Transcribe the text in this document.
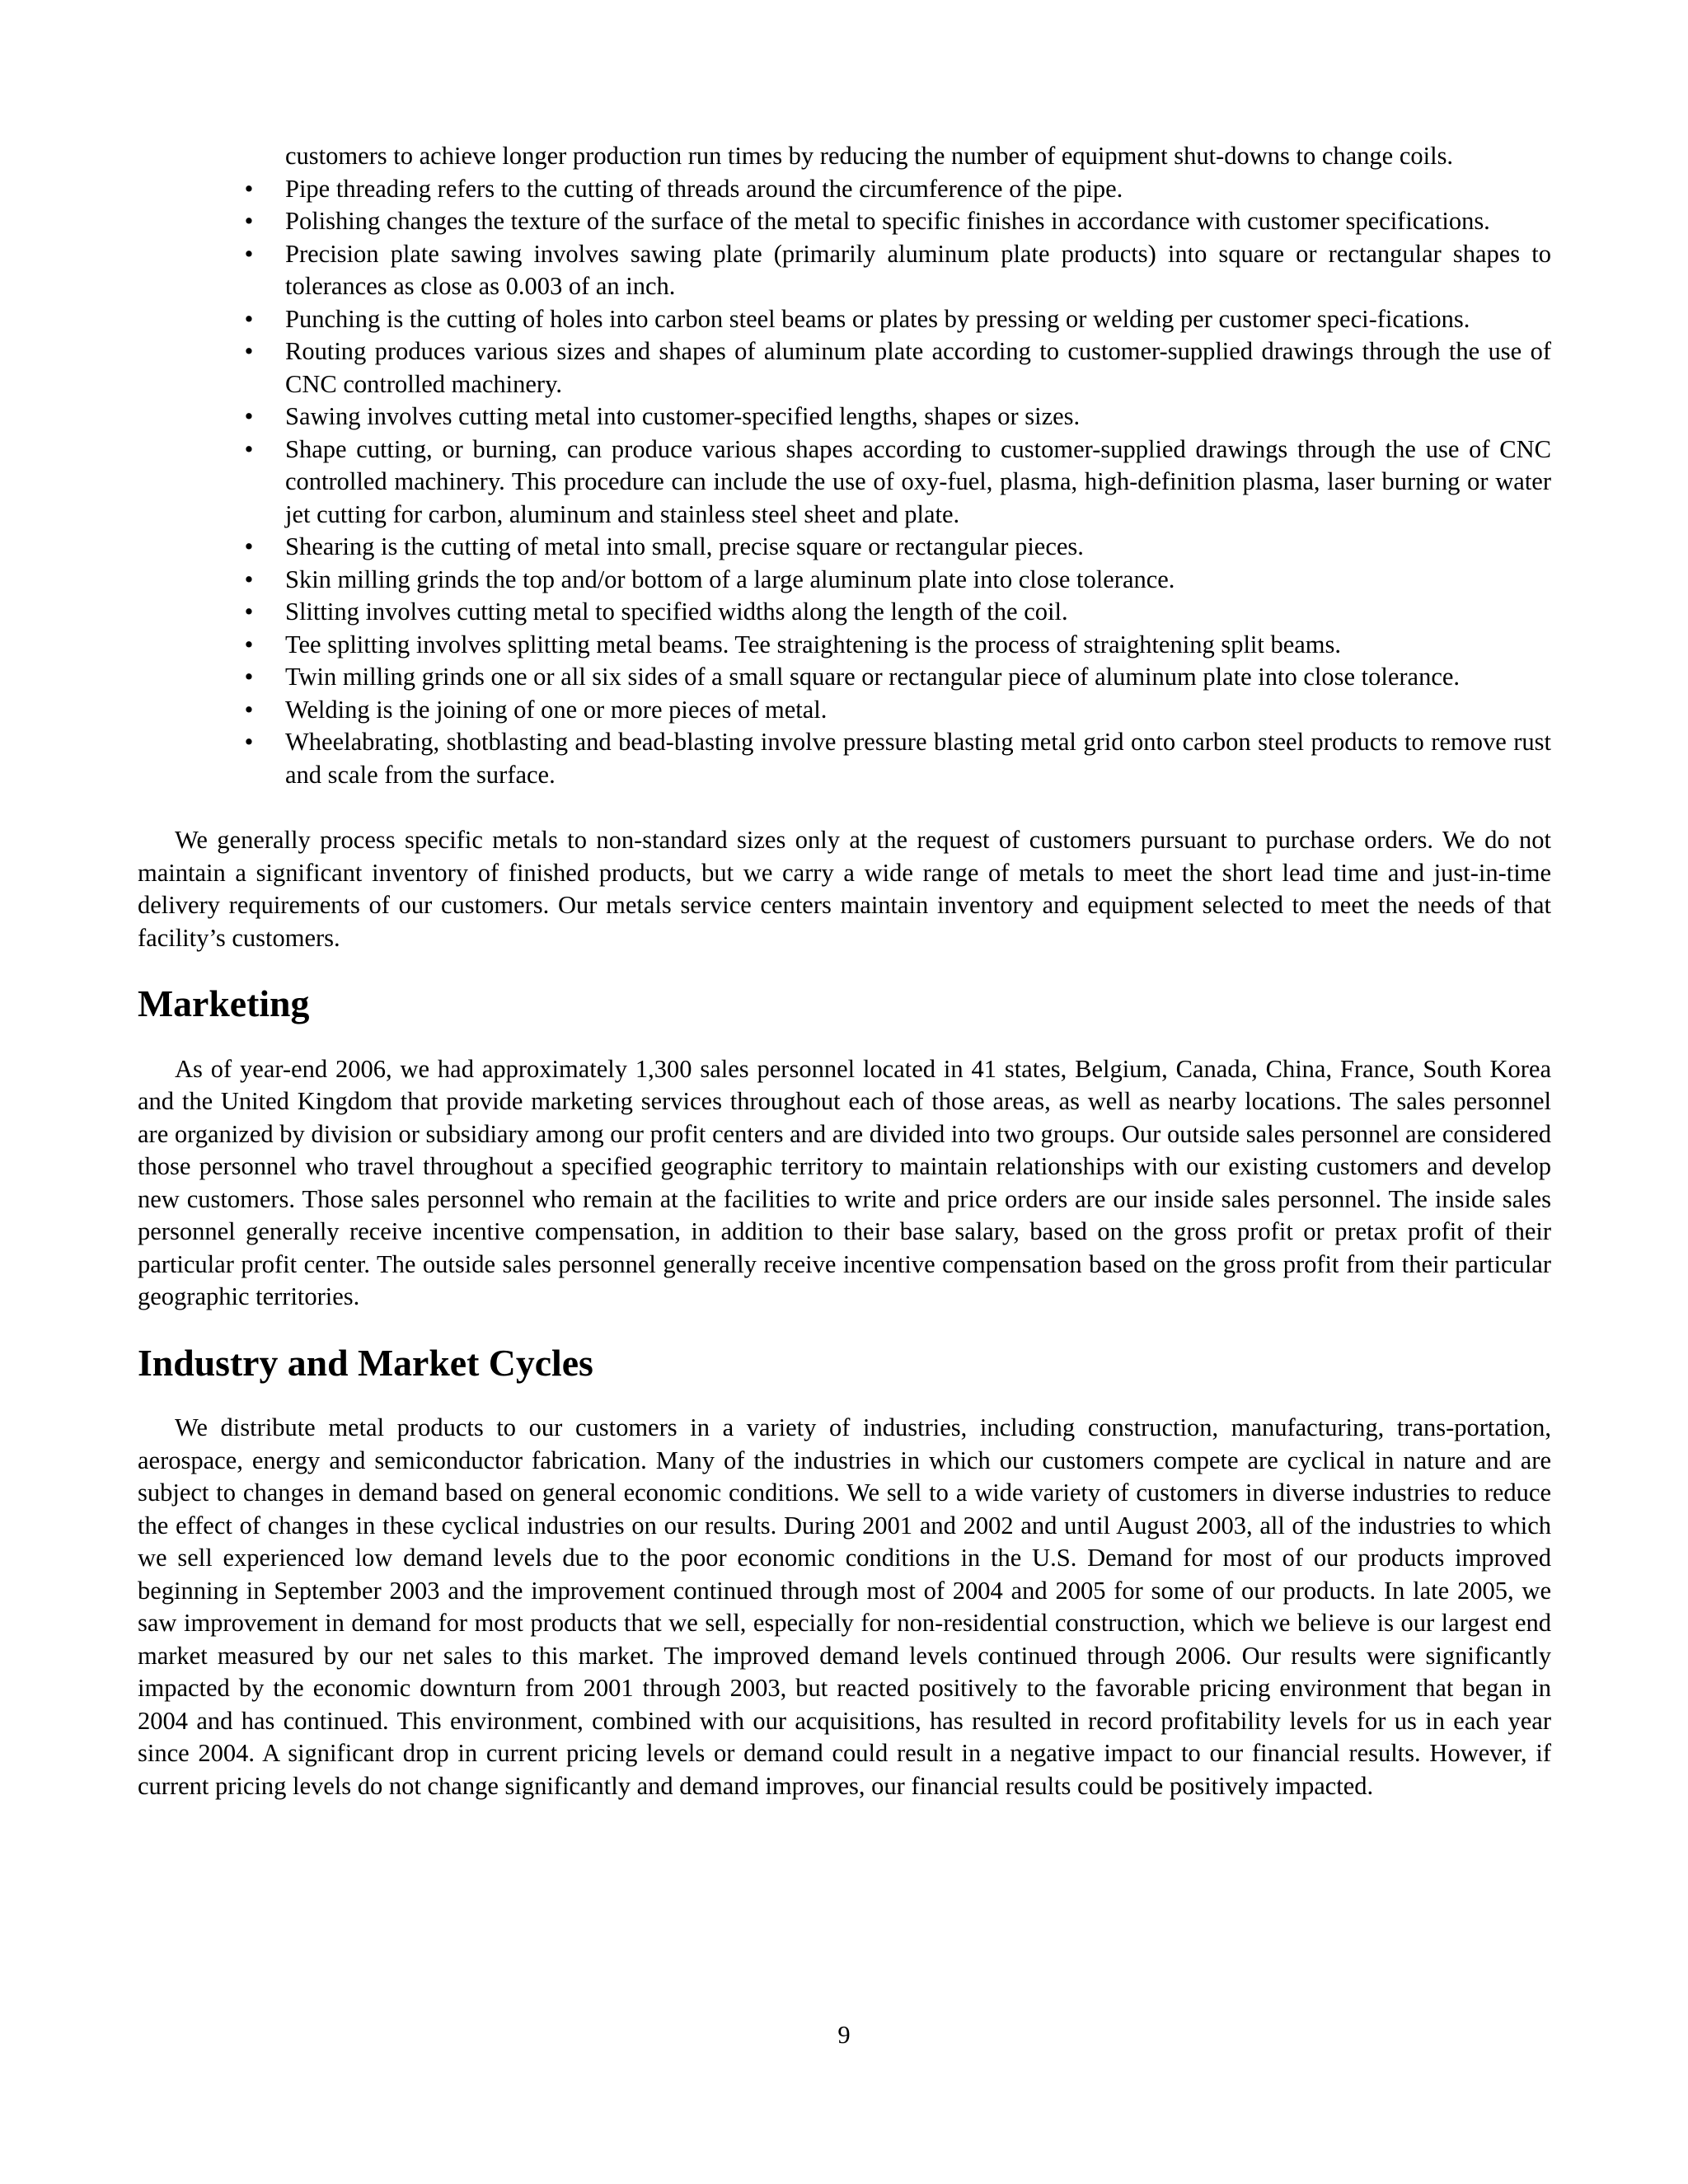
customers to achieve longer production run times by reducing the number of equipment shut-downs to change coils.

•	Pipe threading refers to the cutting of threads around the circumference of the pipe.
•	Polishing changes the texture of the surface of the metal to specific finishes in accordance with customer specifications.
•	Precision plate sawing involves sawing plate (primarily aluminum plate products) into square or rectangular shapes to tolerances as close as 0.003 of an inch.
•	Punching is the cutting of holes into carbon steel beams or plates by pressing or welding per customer speci-fications.
•	Routing produces various sizes and shapes of aluminum plate according to customer-supplied drawings through the use of CNC controlled machinery.
•	Sawing involves cutting metal into customer-specified lengths, shapes or sizes.
•	Shape cutting, or burning, can produce various shapes according to customer-supplied drawings through the use of CNC controlled machinery. This procedure can include the use of oxy-fuel, plasma, high-definition plasma, laser burning or water jet cutting for carbon, aluminum and stainless steel sheet and plate.
•	Shearing is the cutting of metal into small, precise square or rectangular pieces.
•	Skin milling grinds the top and/or bottom of a large aluminum plate into close tolerance.
•	Slitting involves cutting metal to specified widths along the length of the coil.
•	Tee splitting involves splitting metal beams. Tee straightening is the process of straightening split beams.
•	Twin milling grinds one or all six sides of a small square or rectangular piece of aluminum plate into close tolerance.
•	Welding is the joining of one or more pieces of metal.
•	Wheelabrating, shotblasting and bead-blasting involve pressure blasting metal grid onto carbon steel products to remove rust and scale from the surface.

We generally process specific metals to non-standard sizes only at the request of customers pursuant to purchase orders. We do not maintain a significant inventory of finished products, but we carry a wide range of metals to meet the short lead time and just-in-time delivery requirements of our customers. Our metals service centers maintain inventory and equipment selected to meet the needs of that facility’s customers.

Marketing

As of year-end 2006, we had approximately 1,300 sales personnel located in 41 states, Belgium, Canada, China, France, South Korea and the United Kingdom that provide marketing services throughout each of those areas, as well as nearby locations. The sales personnel are organized by division or subsidiary among our profit centers and are divided into two groups. Our outside sales personnel are considered those personnel who travel throughout a specified geographic territory to maintain relationships with our existing customers and develop new customers. Those sales personnel who remain at the facilities to write and price orders are our inside sales personnel. The inside sales personnel generally receive incentive compensation, in addition to their base salary, based on the gross profit or pretax profit of their particular profit center. The outside sales personnel generally receive incentive compensation based on the gross profit from their particular geographic territories.

Industry and Market Cycles

We distribute metal products to our customers in a variety of industries, including construction, manufacturing, trans-portation, aerospace, energy and semiconductor fabrication. Many of the industries in which our customers compete are cyclical in nature and are subject to changes in demand based on general economic conditions. We sell to a wide variety of customers in diverse industries to reduce the effect of changes in these cyclical industries on our results. During 2001 and 2002 and until August 2003, all of the industries to which we sell experienced low demand levels due to the poor economic conditions in the U.S. Demand for most of our products improved beginning in September 2003 and the improvement continued through most of 2004 and 2005 for some of our products. In late 2005, we saw improvement in demand for most products that we sell, especially for non-residential construction, which we believe is our largest end market measured by our net sales to this market. The improved demand levels continued through 2006. Our results were significantly impacted by the economic downturn from 2001 through 2003, but reacted positively to the favorable pricing environment that began in 2004 and has continued. This environment, combined with our acquisitions, has resulted in record profitability levels for us in each year since 2004. A significant drop in current pricing levels or demand could result in a negative impact to our financial results. However, if current pricing levels do not change significantly and demand improves, our financial results could be positively impacted.

9
